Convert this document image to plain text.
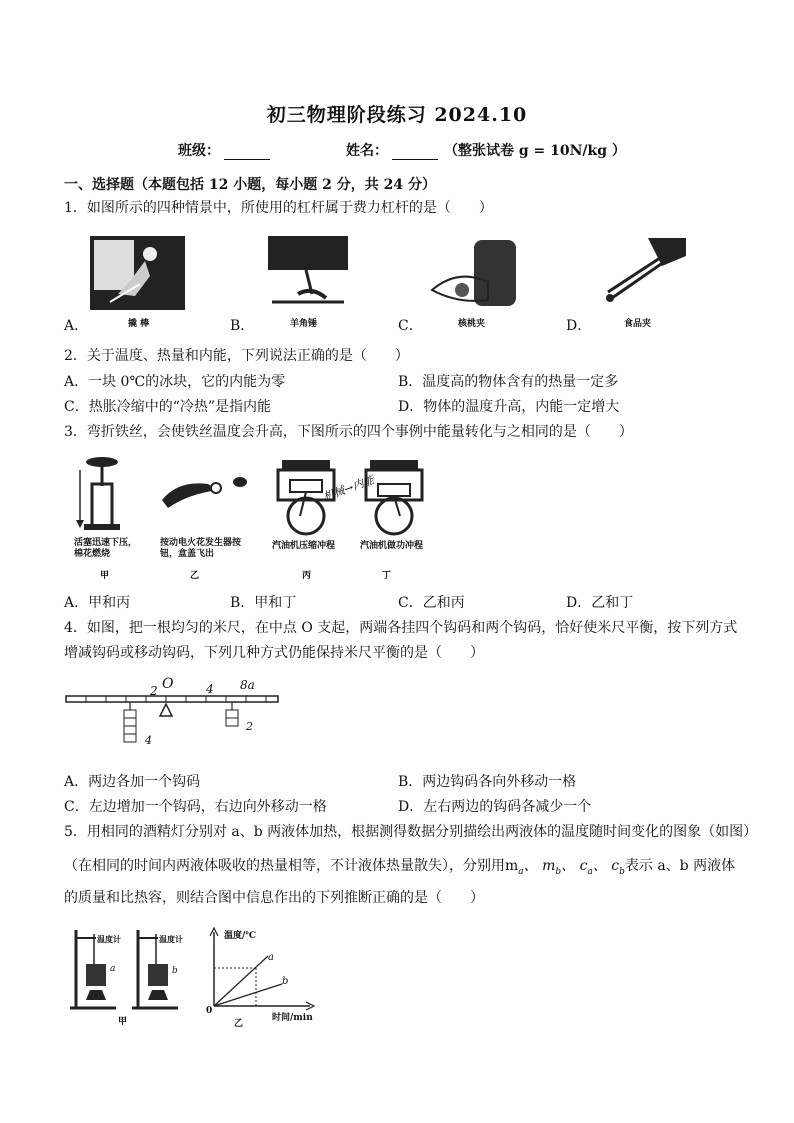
初三物理阶段练习 2024.10
班级：	姓名：	（整张试卷 g = 10N/kg ）
一、选择题（本题包括 12 小题，每小题 2 分，共 24 分）
1．如图所示的四种情景中，所使用的杠杆属于费力杠杆的是（　　）
A．	撬 棒	B．	羊角锤	C．	核桃夹	D．	食品夹
2．关于温度、热量和内能，下列说法正确的是（　　）
A．一块 0℃的冰块，它的内能为零	B．温度高的物体含有的热量一定多
C．热胀冷缩中的“冷热”是指内能	D．物体的温度升高，内能一定增大
3．弯折铁丝，会使铁丝温度会升高，下图所示的四个事例中能量转化与之相同的是（　　）
机械→内能
活塞迅速下压，
棉花燃烧
按动电火花发生器按
钮，盒盖飞出
汽油机压缩冲程	汽油机做功冲程
甲	乙	丙	丁
A．甲和丙	B．甲和丁	C．乙和丙	D．乙和丁
4．如图，把一根均匀的米尺，在中点 O 支起，两端各挂四个钩码和两个钩码，恰好使米尺平衡，按下列方式
增减钩码或移动钩码，下列几种方式仍能保持米尺平衡的是（　　）
2 O	4 8a
4
2
A．两边各加一个钩码	B．两边钩码各向外移动一格
C．左边增加一个钩码，右边向外移动一格	D．左右两边的钩码各减少一个
5．用相同的酒精灯分别对 a、b 两液体加热，根据测得数据分别描绘出两液体的温度随时间变化的图象（如图）
（在相同的时间内两液体吸收的热量相等，不计液体热量散失），分别用$m_a$、 $m_b$、 $c_a$、 $c_b$表示 a、b 两液体
的质量和比热容，则结合图中信息作出的下列推断正确的是（　　）
温度计	温度计
a	b
甲
温度/℃
时间/min
0
a
b
乙
